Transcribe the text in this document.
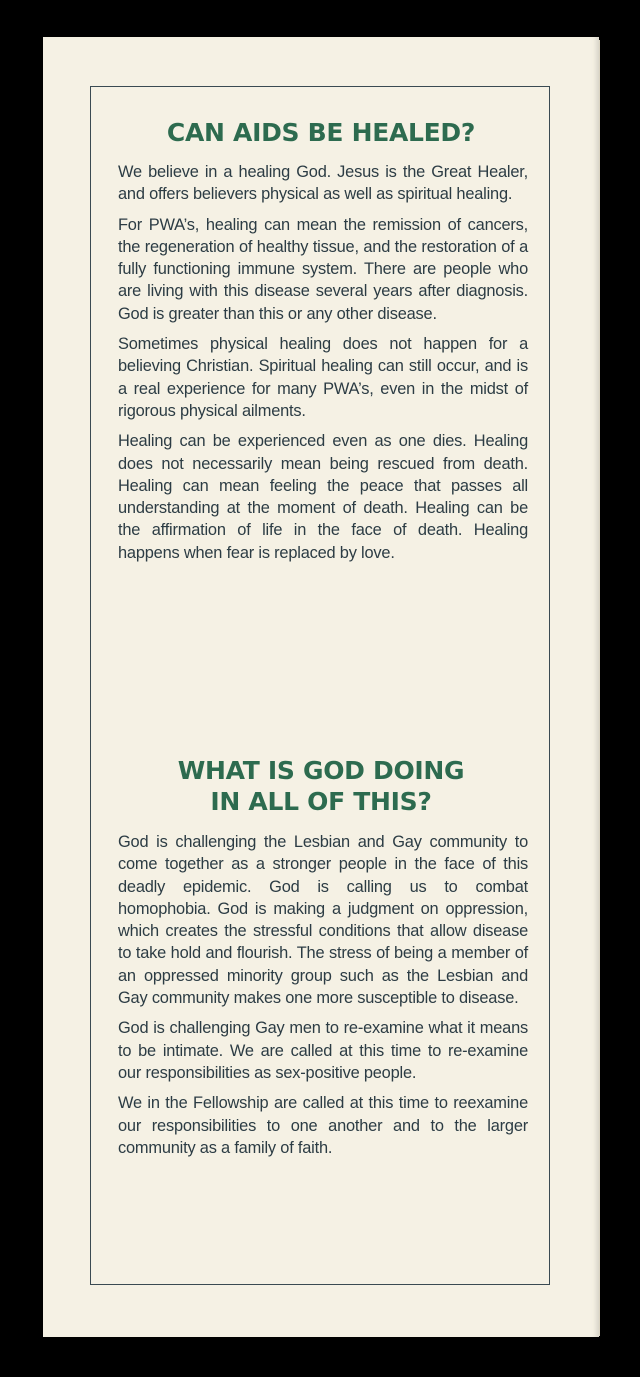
CAN AIDS BE HEALED?

We believe in a healing God. Jesus is the Great Healer, and offers believers physical as well as spiritual healing.

For PWA’s, healing can mean the remission of cancers, the regeneration of healthy tissue, and the restoration of a fully functioning immune system. There are people who are living with this disease several years after diagnosis. God is greater than this or any other disease.

Sometimes physical healing does not happen for a believing Christian. Spiritual healing can still occur, and is a real experience for many PWA’s, even in the midst of rigorous physical ailments.

Healing can be experienced even as one dies. Healing does not necessarily mean being rescued from death. Healing can mean feeling the peace that passes all understanding at the moment of death. Healing can be the affirmation of life in the face of death. Healing happens when fear is replaced by love.

WHAT IS GOD DOING
IN ALL OF THIS?

God is challenging the Lesbian and Gay community to come together as a stronger people in the face of this deadly epidemic. God is calling us to combat homophobia. God is making a judgment on oppression, which creates the stressful conditions that allow disease to take hold and flourish. The stress of being a member of an oppressed minority group such as the Lesbian and Gay community makes one more susceptible to disease.

God is challenging Gay men to re-examine what it means to be intimate. We are called at this time to re-examine our responsibilities as sex-positive people.

We in the Fellowship are called at this time to reexamine our responsibilities to one another and to the larger community as a family of faith.
